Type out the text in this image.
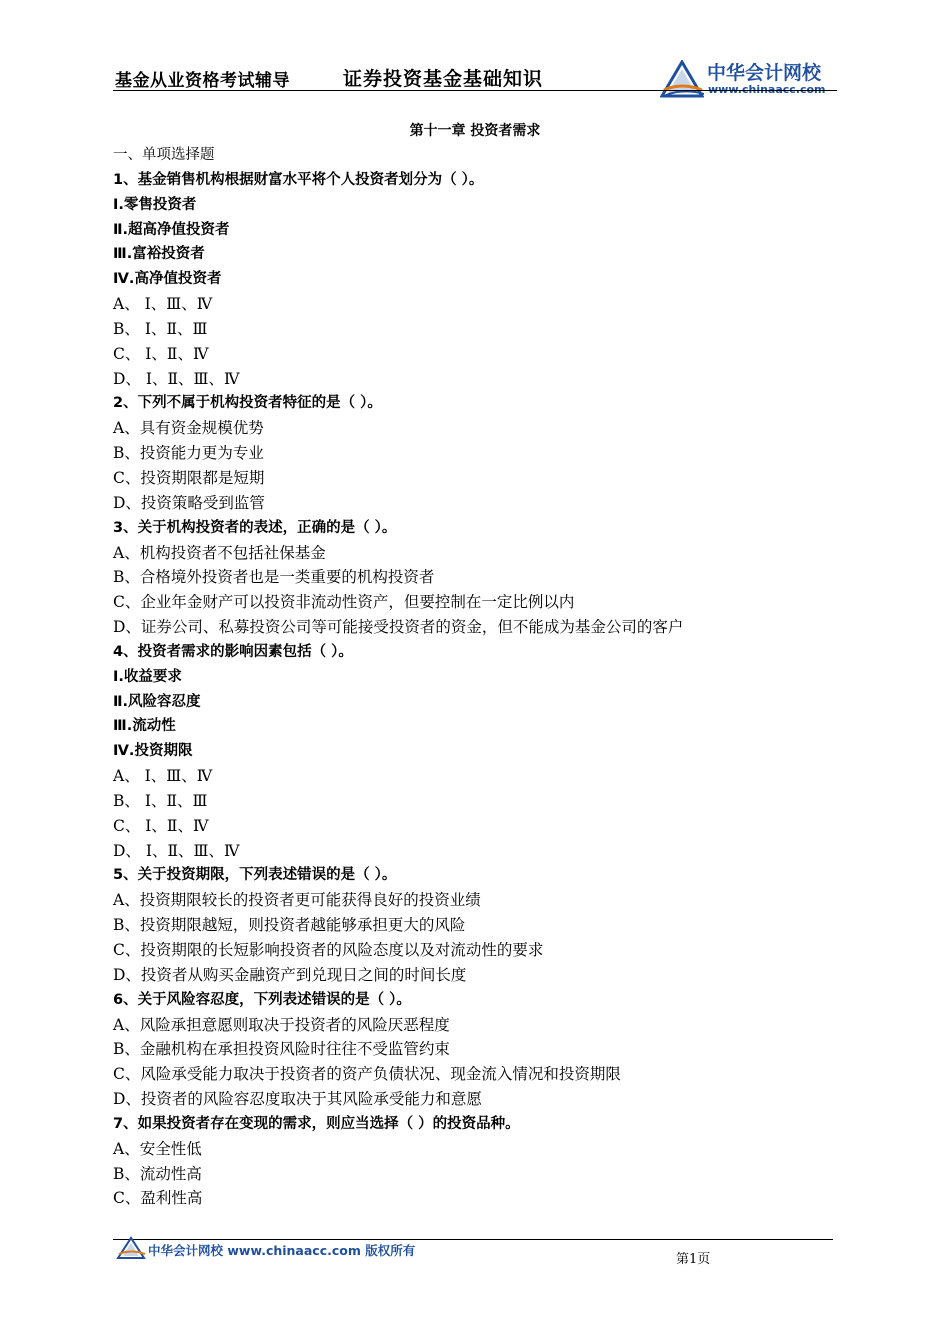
基金从业资格考试辅导	证券投资基金基础知识	中华会计网校
www.chinaacc.com
第十一章 投资者需求
一、单项选择题
1、基金销售机构根据财富水平将个人投资者划分为（ ）。
Ⅰ.零售投资者
Ⅱ.超高净值投资者
Ⅲ.富裕投资者
Ⅳ.高净值投资者
A、 Ⅰ、Ⅲ、Ⅳ
B、 Ⅰ、Ⅱ、Ⅲ
C、 Ⅰ、Ⅱ、Ⅳ
D、 Ⅰ、Ⅱ、Ⅲ、Ⅳ
2、下列不属于机构投资者特征的是（ ）。
A、具有资金规模优势
B、投资能力更为专业
C、投资期限都是短期
D、投资策略受到监管
3、关于机构投资者的表述，正确的是（ ）。
A、机构投资者不包括社保基金
B、合格境外投资者也是一类重要的机构投资者
C、企业年金财产可以投资非流动性资产，但要控制在一定比例以内
D、证券公司、私募投资公司等可能接受投资者的资金，但不能成为基金公司的客户
4、投资者需求的影响因素包括（ ）。
Ⅰ.收益要求
Ⅱ.风险容忍度
Ⅲ.流动性
Ⅳ.投资期限
A、 Ⅰ、Ⅲ、Ⅳ
B、 Ⅰ、Ⅱ、Ⅲ
C、 Ⅰ、Ⅱ、Ⅳ
D、 Ⅰ、Ⅱ、Ⅲ、Ⅳ
5、关于投资期限，下列表述错误的是（ ）。
A、投资期限较长的投资者更可能获得良好的投资业绩
B、投资期限越短，则投资者越能够承担更大的风险
C、投资期限的长短影响投资者的风险态度以及对流动性的要求
D、投资者从购买金融资产到兑现日之间的时间长度
6、关于风险容忍度，下列表述错误的是（ ）。
A、风险承担意愿则取决于投资者的风险厌恶程度
B、金融机构在承担投资风险时往往不受监管约束
C、风险承受能力取决于投资者的资产负债状况、现金流入情况和投资期限
D、投资者的风险容忍度取决于其风险承受能力和意愿
7、如果投资者存在变现的需求，则应当选择（ ）的投资品种。
A、安全性低
B、流动性高
C、盈利性高
中华会计网校 www.chinaacc.com 版权所有
第1页
